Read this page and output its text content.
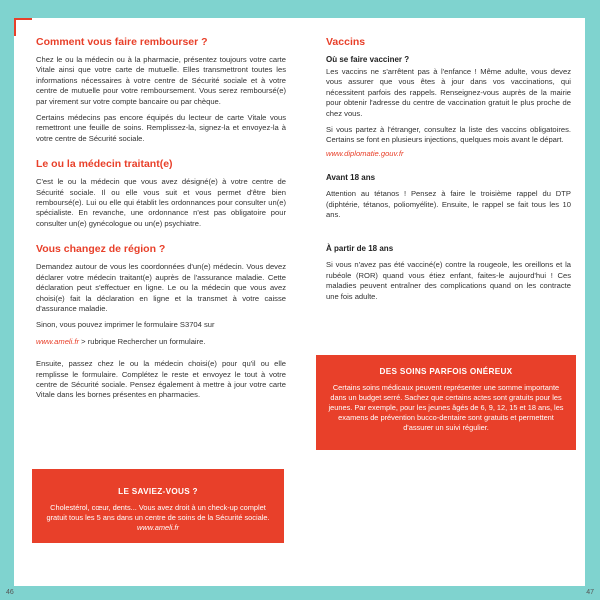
Comment vous faire rembourser ?

Chez le ou la médecin ou à la pharmacie, présentez toujours votre carte Vitale ainsi que votre carte de mutuelle. Elles transmettront toutes les informations nécessaires à votre centre de Sécurité sociale et à votre centre de mutuelle pour votre remboursement. Vous serez remboursé(e) par virement sur votre compte bancaire ou par chèque.

Certains médecins pas encore équipés du lecteur de carte Vitale vous remettront une feuille de soins. Remplissez-la, signez-la et envoyez-la à votre centre de Sécurité sociale.

Le ou la médecin traitant(e)

C'est le ou la médecin que vous avez désigné(e) à votre centre de Sécurité sociale. Il ou elle vous suit et vous permet d'être bien remboursé(e). Lui ou elle qui établit les ordonnances pour consulter un(e) spécialiste. En revanche, une ordonnance n'est pas obligatoire pour consulter un(e) gynécologue ou un(e) psychiatre.

Vous changez de région ?

Demandez autour de vous les coordonnées d'un(e) médecin. Vous devez déclarer votre médecin traitant(e) auprès de l'assurance maladie. Cette déclaration peut s'effectuer en ligne. Le ou la médecin que vous avez choisi(e) fait la déclaration en ligne et la transmet à votre caisse d'assurance maladie.

Sinon, vous pouvez imprimer le formulaire S3704 sur

www.ameli.fr > rubrique Rechercher un formulaire.

Ensuite, passez chez le ou la médecin choisi(e) pour qu'il ou elle remplisse le formulaire. Complétez le reste et envoyez le tout à votre centre de Sécurité sociale. Pensez également à mettre à jour votre carte Vitale dans les bornes présentes en pharmacies.

LE SAVIEZ-VOUS ?
Cholestérol, cœur, dents... Vous avez droit à un check-up complet gratuit tous les 5 ans dans un centre de soins de la Sécurité sociale.
www.ameli.fr
Vaccins
Où se faire vacciner ?

Les vaccins ne s'arrêtent pas à l'enfance ! Même adulte, vous devez vous assurer que vous êtes à jour dans vos vaccinations, qui nécessitent parfois des rappels. Renseignez-vous auprès de la mairie pour obtenir l'adresse du centre de vaccination gratuit le plus proche de chez vous.

Si vous partez à l'étranger, consultez la liste des vaccins obligatoires. Certains se font en plusieurs injections, quelques mois avant le départ.

www.diplomatie.gouv.fr

Avant 18 ans

Attention au tétanos ! Pensez à faire le troisième rappel du DTP (diphtérie, tétanos, poliomyélite). Ensuite, le rappel se fait tous les 10 ans.

À partir de 18 ans

Si vous n'avez pas été vacciné(e) contre la rougeole, les oreillons et la rubéole (ROR) quand vous étiez enfant, faites-le aujourd'hui ! Ces maladies peuvent entraîner des complications quand on les contracte une fois adulte.

DES SOINS PARFOIS ONÉREUX
Certains soins médicaux peuvent représenter une somme importante dans un budget serré. Sachez que certains actes sont gratuits pour les jeunes. Par exemple, pour les jeunes âgés de 6, 9, 12, 15 et 18 ans, les examens de prévention bucco-dentaire sont gratuits et permettent d'assurer un suivi régulier.
46	47
